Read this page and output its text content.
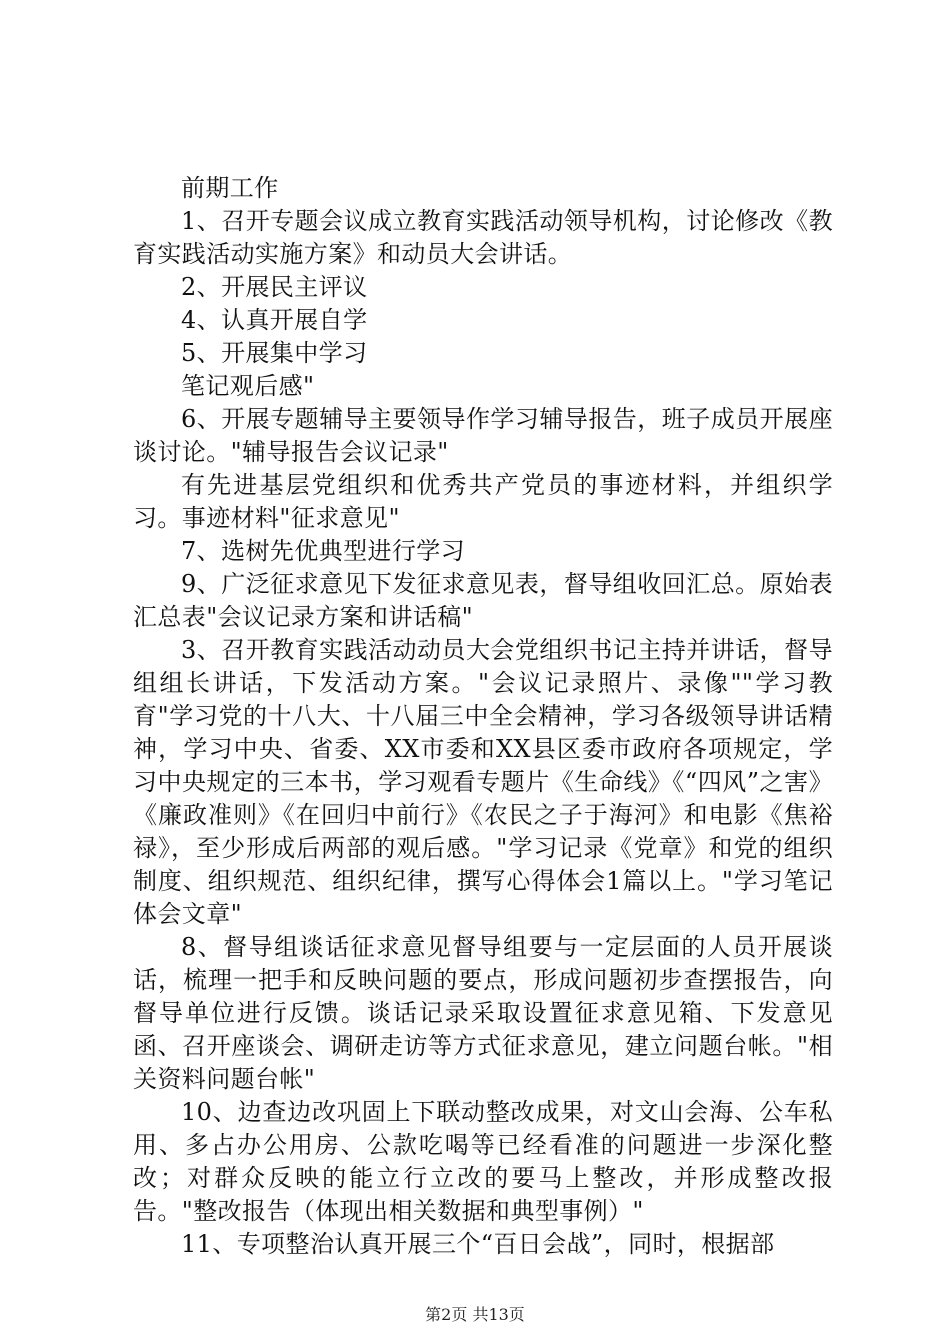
前期工作

1、召开专题会议成立教育实践活动领导机构，讨论修改《教育实践活动实施方案》和动员大会讲话。

2、开展民主评议

4、认真开展自学

5、开展集中学习

笔记观后感"

6、开展专题辅导主要领导作学习辅导报告，班子成员开展座谈讨论。"辅导报告会议记录"

有先进基层党组织和优秀共产党员的事迹材料，并组织学习。事迹材料"征求意见"

7、选树先优典型进行学习

9、广泛征求意见下发征求意见表，督导组收回汇总。原始表汇总表"会议记录方案和讲话稿"

3、召开教育实践活动动员大会党组织书记主持并讲话，督导组组长讲话，下发活动方案。"会议记录照片、录像""学习教育"学习党的十八大、十八届三中全会精神，学习各级领导讲话精神，学习中央、省委、XX市委和XX县区委市政府各项规定，学习中央规定的三本书，学习观看专题片《生命线》《“四风”之害》《廉政准则》《在回归中前行》《农民之子于海河》和电影《焦裕禄》，至少形成后两部的观后感。"学习记录《党章》和党的组织制度、组织规范、组织纪律，撰写心得体会1篇以上。"学习笔记体会文章"

8、督导组谈话征求意见督导组要与一定层面的人员开展谈话，梳理一把手和反映问题的要点，形成问题初步查摆报告，向督导单位进行反馈。谈话记录采取设置征求意见箱、下发意见函、召开座谈会、调研走访等方式征求意见，建立问题台帐。"相关资料问题台帐"

10、边查边改巩固上下联动整改成果，对文山会海、公车私用、多占办公用房、公款吃喝等已经看准的问题进一步深化整改；对群众反映的能立行立改的要马上整改，并形成整改报告。"整改报告（体现出相关数据和典型事例）"

11、专项整治认真开展三个“百日会战”，同时，根据部

第2页 共13页
